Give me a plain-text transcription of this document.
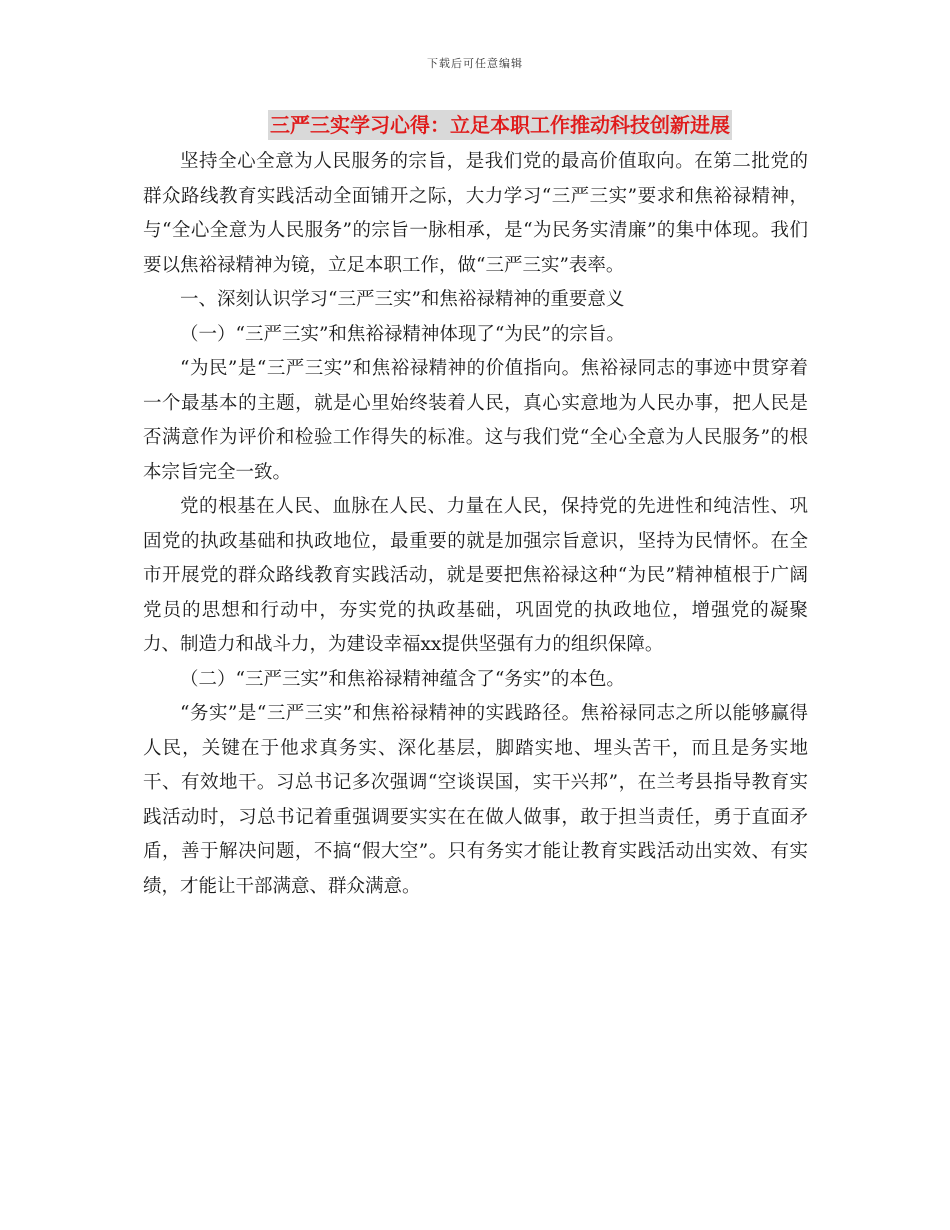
下载后可任意编辑
三严三实学习心得：立足本职工作推动科技创新进展

坚持全心全意为人民服务的宗旨，是我们党的最高价值取向。在第二批党的群众路线教育实践活动全面铺开之际，大力学习“三严三实”要求和焦裕禄精神，与“全心全意为人民服务”的宗旨一脉相承，是“为民务实清廉”的集中体现。我们要以焦裕禄精神为镜，立足本职工作，做“三严三实”表率。

一、深刻认识学习“三严三实”和焦裕禄精神的重要意义

（一）“三严三实”和焦裕禄精神体现了“为民”的宗旨。

“为民”是“三严三实”和焦裕禄精神的价值指向。焦裕禄同志的事迹中贯穿着一个最基本的主题，就是心里始终装着人民，真心实意地为人民办事，把人民是否满意作为评价和检验工作得失的标准。这与我们党“全心全意为人民服务”的根本宗旨完全一致。

党的根基在人民、血脉在人民、力量在人民，保持党的先进性和纯洁性、巩固党的执政基础和执政地位，最重要的就是加强宗旨意识，坚持为民情怀。在全市开展党的群众路线教育实践活动，就是要把焦裕禄这种“为民”精神植根于广阔党员的思想和行动中，夯实党的执政基础，巩固党的执政地位，增强党的凝聚力、制造力和战斗力，为建设幸福xx提供坚强有力的组织保障。

（二）“三严三实”和焦裕禄精神蕴含了“务实”的本色。

“务实”是“三严三实”和焦裕禄精神的实践路径。焦裕禄同志之所以能够赢得人民，关键在于他求真务实、深化基层，脚踏实地、埋头苦干，而且是务实地干、有效地干。习总书记多次强调“空谈误国，实干兴邦”，在兰考县指导教育实践活动时，习总书记着重强调要实实在在做人做事，敢于担当责任，勇于直面矛盾，善于解决问题，不搞“假大空”。只有务实才能让教育实践活动出实效、有实绩，才能让干部满意、群众满意。
